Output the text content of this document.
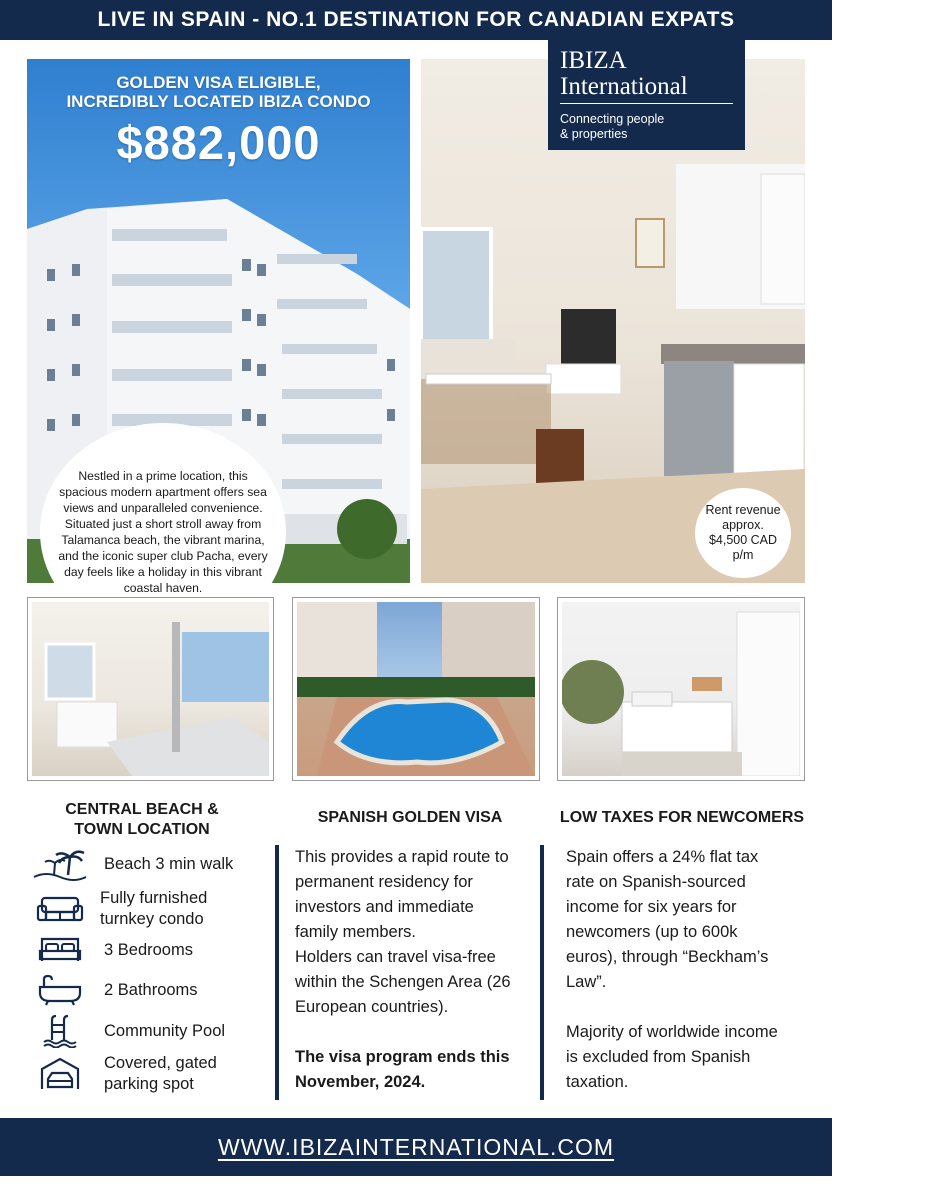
LIVE IN SPAIN - NO.1 DESTINATION FOR CANADIAN EXPATS
GOLDEN VISA ELIGIBLE,
INCREDIBLY LOCATED IBIZA CONDO
$882,000
IBIZA
International
Connecting people
& properties
Nestled in a prime location, this spacious modern apartment offers sea views and unparalleled convenience. Situated just a short stroll away from Talamanca beach, the vibrant marina, and the iconic super club Pacha, every day feels like a holiday in this vibrant coastal haven.
Rent revenue
approx.
$4,500 CAD
p/m
CENTRAL BEACH &
TOWN LOCATION
Beach 3 min walk
Fully furnished
turnkey condo
3 Bedrooms
2 Bathrooms
Community Pool
Covered, gated
parking spot
SPANISH GOLDEN VISA
This provides a rapid route to
permanent residency for
investors and immediate
family members.
Holders can travel visa-free
within the Schengen Area (26
European countries).
The visa program ends this
November, 2024.
LOW TAXES FOR NEWCOMERS
Spain offers a 24% flat tax
rate on Spanish-sourced
income for six years for
newcomers (up to 600k
euros), through “Beckham’s
Law”.
Majority of worldwide income
is excluded from Spanish
taxation.
WWW.IBIZAINTERNATIONAL.COM
